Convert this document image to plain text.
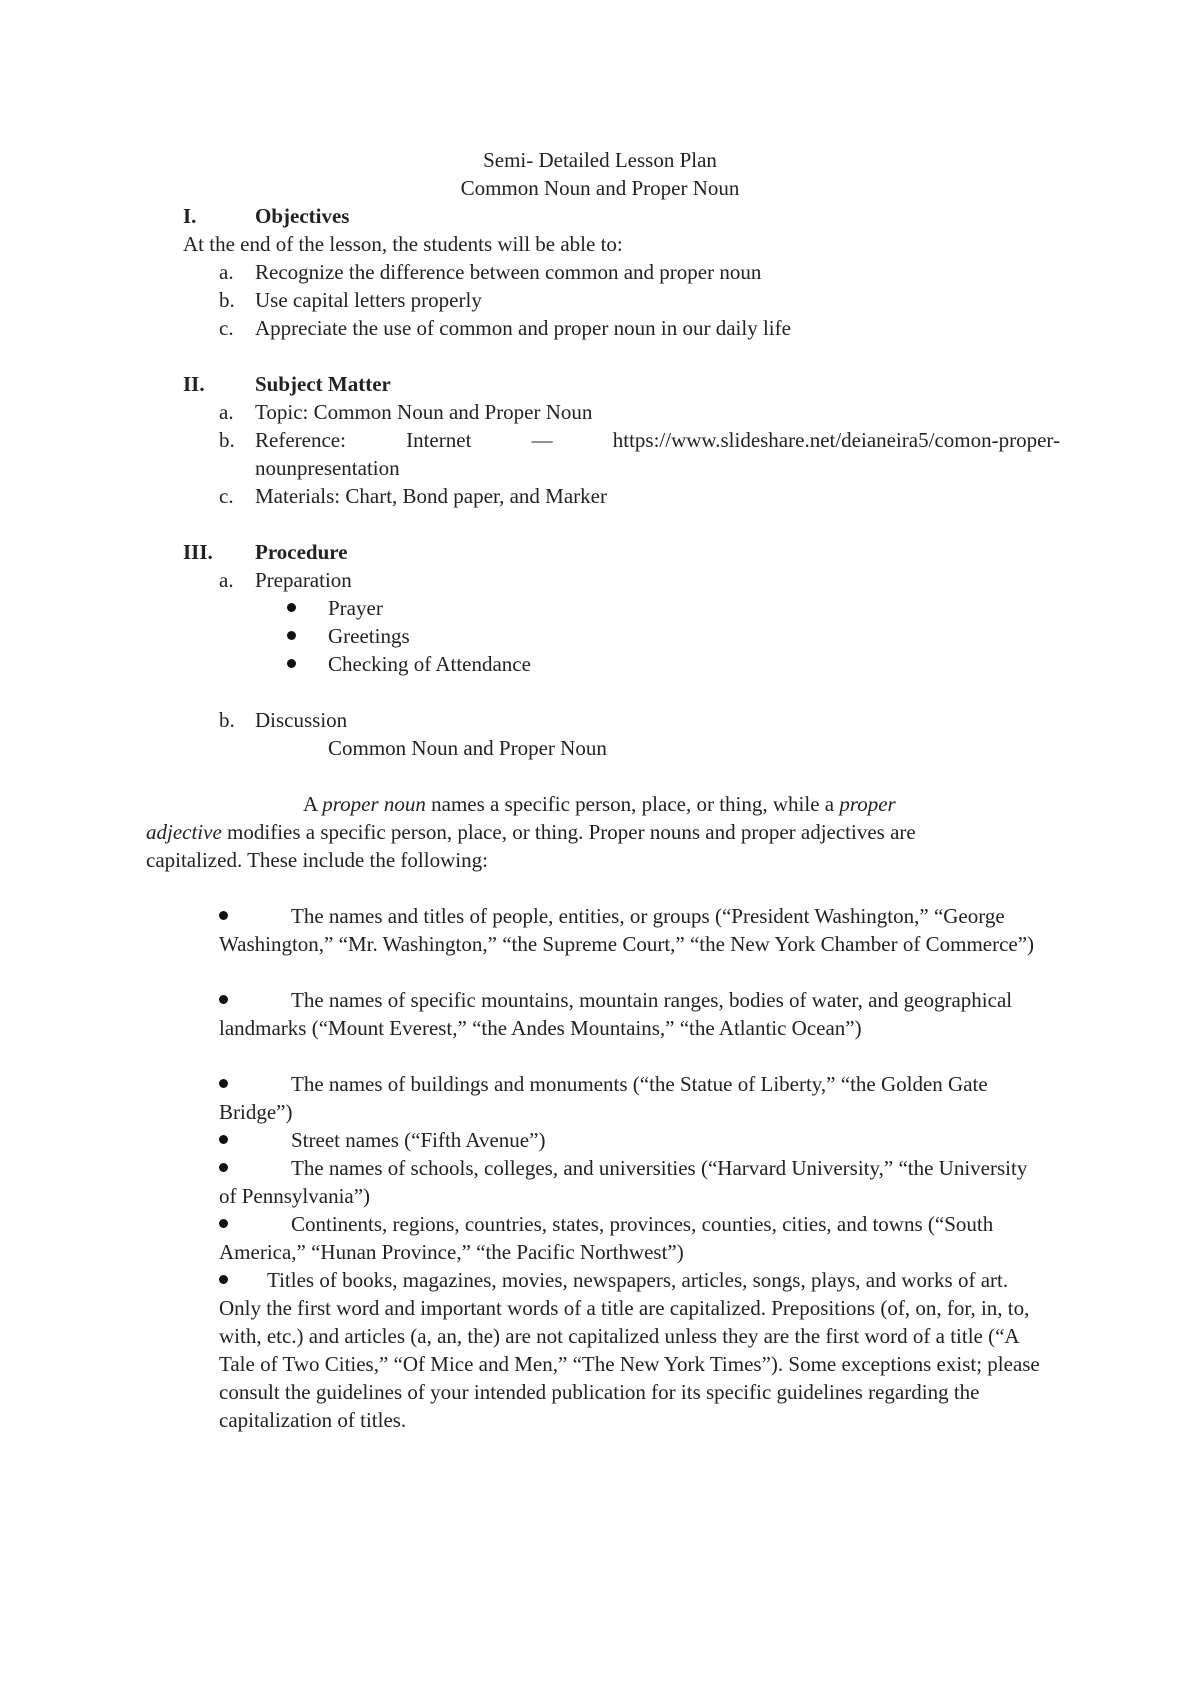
Semi- Detailed Lesson Plan
Common Noun and Proper Noun
I.	Objectives
At the end of the lesson, the students will be able to:
a. Recognize the difference between common and proper noun
b. Use capital letters properly
c. Appreciate the use of common and proper noun in our daily life
II. Subject Matter
a. Topic: Common Noun and Proper Noun
b. Reference: Internet — https://www.slideshare.net/deianeira5/comon-proper-
nounpresentation
c. Materials: Chart, Bond paper, and Marker
III. Procedure
a. Preparation
Prayer
Greetings
Checking of Attendance
b. Discussion
Common Noun and Proper Noun
A proper noun names a specific person, place, or thing, while a proper
adjective modifies a specific person, place, or thing. Proper nouns and proper adjectives are
capitalized. These include the following:

The names and titles of people, entities, or groups (“President Washington,” “George Washington,” “Mr. Washington,” “the Supreme Court,” “the New York Chamber of Commerce”)

The names of specific mountains, mountain ranges, bodies of water, and geographical landmarks (“Mount Everest,” “the Andes Mountains,” “the Atlantic Ocean”)

The names of buildings and monuments (“the Statue of Liberty,” “the Golden Gate Bridge”)

Street names (“Fifth Avenue”)

The names of schools, colleges, and universities (“Harvard University,” “the University of Pennsylvania”)

Continents, regions, countries, states, provinces, counties, cities, and towns (“South America,” “Hunan Province,” “the Pacific Northwest”)

Titles of books, magazines, movies, newspapers, articles, songs, plays, and works of art. Only the first word and important words of a title are capitalized. Prepositions (of, on, for, in, to, with, etc.) and articles (a, an, the) are not capitalized unless they are the first word of a title (“A Tale of Two Cities,” “Of Mice and Men,” “The New York Times”). Some exceptions exist; please consult the guidelines of your intended publication for its specific guidelines regarding the capitalization of titles.
